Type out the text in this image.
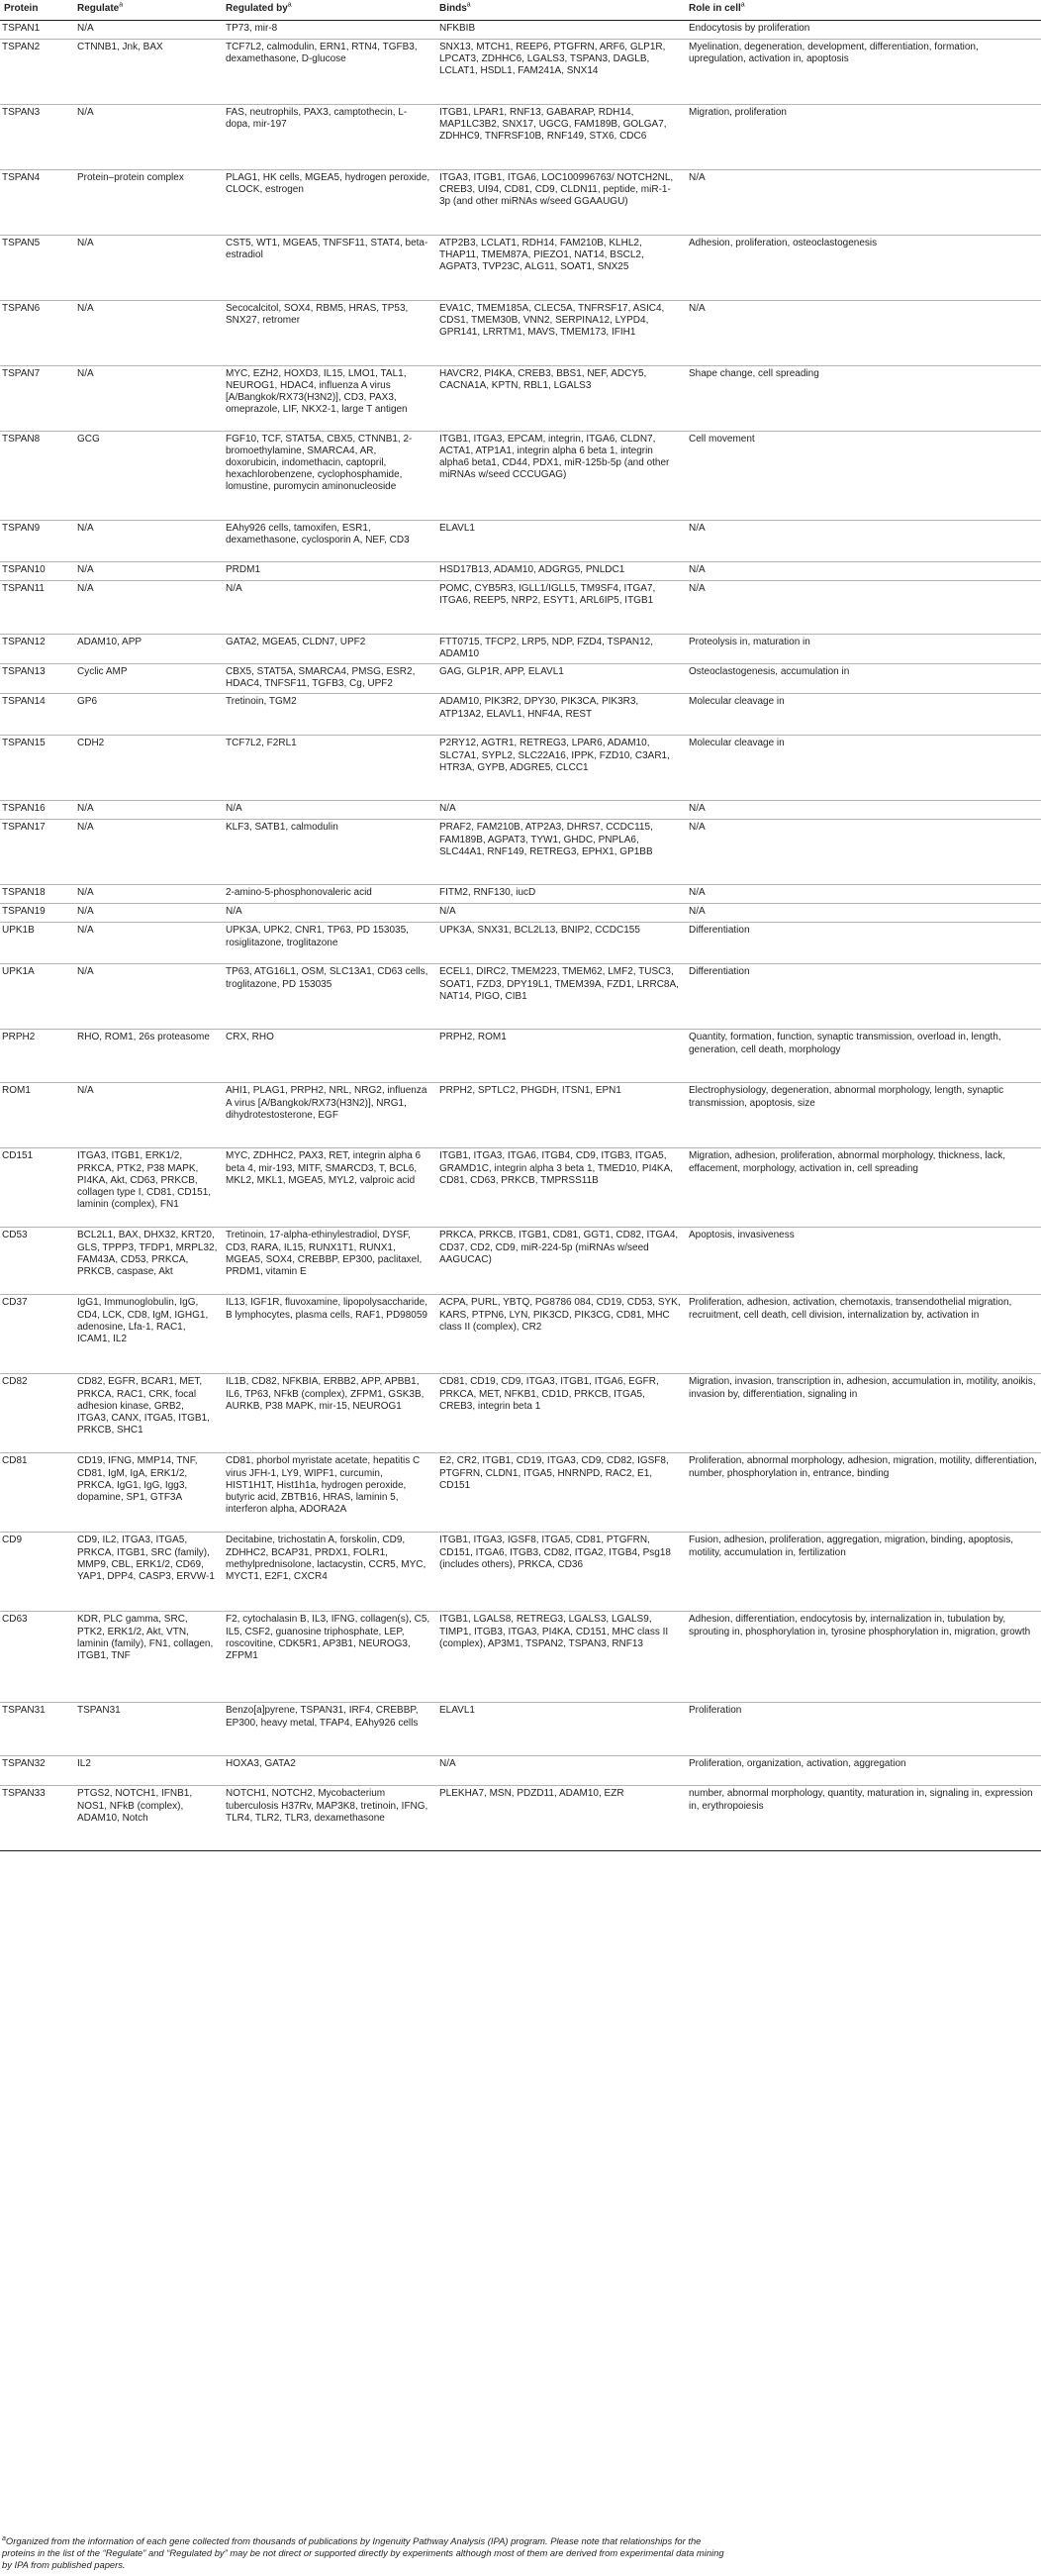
Protein	Regulate$^a$	Regulated $by^a$	Binds$^a$	Role in cell$^a$
TSPAN1	N/A	TP73, mir-8	NFKBIB	Endocytosis by proliferation
TSPAN2	CTNNB1, Jnk, BAX	TCF7L2, calmodulin, ERN1, RTN4, TGFB3, dexamethasone, D-glucose	SNX13, MTCH1, REEP6, PTGFRN, ARF6, GLP1R, LPCAT3, ZDHHC6, LGALS3, TSPAN3, DAGLB, LCLAT1, HSDL1, FAM241A, SNX14	Myelination, degeneration, development, differentiation, formation, upregulation, activation in, apoptosis
TSPAN3	N/A	FAS, neutrophils, PAX3, camptothecin, L-dopa, mir-197	ITGB1, LPAR1, RNF13, GABARAP, RDH14, MAP1LC3B2, SNX17, UGCG, FAM189B, GOLGA7, ZDHHC9, TNFRSF10B, RNF149, STX6, CDC6	Migration, proliferation
TSPAN4	Protein–protein complex	PLAG1, HK cells, MGEA5, hydrogen peroxide, CLOCK, estrogen	ITGA3, ITGB1, ITGA6, LOC100996763/ NOTCH2NL, CREB3, UI94, CD81, CD9, CLDN11, peptide, miR-1-3p (and other miRNAs w/seed GGAAUGU)	N/A
TSPAN5	N/A	CST5, WT1, MGEA5, TNFSF11, STAT4, beta-estradiol	ATP2B3, LCLAT1, RDH14, FAM210B, KLHL2, THAP11, TMEM87A, PIEZO1, NAT14, BSCL2, AGPAT3, TVP23C, ALG11, SOAT1, SNX25	Adhesion, proliferation, osteoclastogenesis
TSPAN6	N/A	Secocalcitol, SOX4, RBM5, HRAS, TP53, SNX27, retromer	EVA1C, TMEM185A, CLEC5A, TNFRSF17, ASIC4, CDS1, TMEM30B, VNN2, SERPINA12, LYPD4, GPR141, LRRTM1, MAVS, TMEM173, IFIH1	N/A
TSPAN7	N/A	MYC, EZH2, HOXD3, IL15, LMO1, TAL1, NEUROG1, HDAC4, influenza A virus [A/Bangkok/RX73(H3N2)], CD3, PAX3, omeprazole, LIF, NKX2-1, large T antigen	HAVCR2, PI4KA, CREB3, BBS1, NEF, ADCY5, CACNA1A, KPTN, RBL1, LGALS3	Shape change, cell spreading
TSPAN8	GCG	FGF10, TCF, STAT5A, CBX5, CTNNB1, 2-bromoethylamine, SMARCA4, AR, doxorubicin, indomethacin, captopril, hexachlorobenzene, cyclophosphamide, lomustine, puromycin aminonucleoside	ITGB1, ITGA3, EPCAM, integrin, ITGA6, CLDN7, ACTA1, ATP1A1, integrin alpha 6 beta 1, integrin alpha6 beta1, CD44, PDX1, miR-125b-5p (and other miRNAs w/seed CCCUGAG)	Cell movement
TSPAN9	N/A	EAhy926 cells, tamoxifen, ESR1, dexamethasone, cyclosporin A, NEF, CD3	ELAVL1	N/A
TSPAN10	N/A	PRDM1	HSD17B13, ADAM10, ADGRG5, PNLDC1	N/A
TSPAN11	N/A	N/A	POMC, CYB5R3, IGLL1/IGLL5, TM9SF4, ITGA7, ITGA6, REEP5, NRP2, ESYT1, ARL6IP5, ITGB1	N/A
TSPAN12	ADAM10, APP	GATA2, MGEA5, CLDN7, UPF2	FTT0715, TFCP2, LRP5, NDP, FZD4, TSPAN12, ADAM10	Proteolysis in, maturation in
TSPAN13	Cyclic AMP	CBX5, STAT5A, SMARCA4, PMSG, ESR2, HDAC4, TNFSF11, TGFB3, Cg, UPF2	GAG, GLP1R, APP, ELAVL1	Osteoclastogenesis, accumulation in
TSPAN14	GP6	Tretinoin, TGM2	ADAM10, PIK3R2, DPY30, PIK3CA, PIK3R3, ATP13A2, ELAVL1, HNF4A, REST	Molecular cleavage in
TSPAN15	CDH2	TCF7L2, F2RL1	P2RY12, AGTR1, RETREG3, LPAR6, ADAM10, SLC7A1, SYPL2, SLC22A16, IPPK, FZD10, C3AR1, HTR3A, GYPB, ADGRE5, CLCC1	Molecular cleavage in
TSPAN16	N/A	N/A	N/A	N/A
TSPAN17	N/A	KLF3, SATB1, calmodulin	PRAF2, FAM210B, ATP2A3, DHRS7, CCDC115, FAM189B, AGPAT3, TYW1, GHDC, PNPLA6, SLC44A1, RNF149, RETREG3, EPHX1, GP1BB	N/A
TSPAN18	N/A	2-amino-5-phosphonovaleric acid	FITM2, RNF130, iucD	N/A
TSPAN19	N/A	N/A	N/A	N/A
UPK1B	N/A	UPK3A, UPK2, CNR1, TP63, PD 153035, rosiglitazone, troglitazone	UPK3A, SNX31, BCL2L13, BNIP2, CCDC155	Differentiation
UPK1A	N/A	TP63, ATG16L1, OSM, SLC13A1, CD63 cells, troglitazone, PD 153035	ECEL1, DIRC2, TMEM223, TMEM62, LMF2, TUSC3, SOAT1, FZD3, DPY19L1, TMEM39A, FZD1, LRRC8A, NAT14, PIGO, CIB1	Differentiation
PRPH2	RHO, ROM1, 26s proteasome	CRX, RHO	PRPH2, ROM1	Quantity, formation, function, synaptic transmission, overload in, length, generation, cell death, morphology
ROM1	N/A	AHI1, PLAG1, PRPH2, NRL, NRG2, influenza A virus [A/Bangkok/RX73(H3N2)], NRG1, dihydrotestosterone, EGF	PRPH2, SPTLC2, PHGDH, ITSN1, EPN1	Electrophysiology, degeneration, abnormal morphology, length, synaptic transmission, apoptosis, size
CD151	ITGA3, ITGB1, ERK1/2, PRKCA, PTK2, P38 MAPK, PI4KA, Akt, CD63, PRKCB, collagen type I, CD81, CD151, laminin (complex), FN1	MYC, ZDHHC2, PAX3, RET, integrin alpha 6 beta 4, mir-193, MITF, SMARCD3, T, BCL6, MKL2, MKL1, MGEA5, MYL2, valproic acid	ITGB1, ITGA3, ITGA6, ITGB4, CD9, ITGB3, ITGA5, GRAMD1C, integrin alpha 3 beta 1, TMED10, PI4KA, CD81, CD63, PRKCB, TMPRSS11B	Migration, adhesion, proliferation, abnormal morphology, thickness, lack, effacement, morphology, activation in, cell spreading
CD53	BCL2L1, BAX, DHX32, KRT20, GLS, TPPP3, TFDP1, MRPL32, FAM43A, CD53, PRKCA, PRKCB, caspase, Akt	Tretinoin, 17-alpha-ethinylestradiol, DYSF, CD3, RARA, IL15, RUNX1T1, RUNX1, MGEA5, SOX4, CREBBP, EP300, paclitaxel, PRDM1, vitamin E	PRKCA, PRKCB, ITGB1, CD81, GGT1, CD82, ITGA4, CD37, CD2, CD9, miR-224-5p (miRNAs w/seed AAGUCAC)	Apoptosis, invasiveness
CD37	IgG1, Immunoglobulin, IgG, CD4, LCK, CD8, IgM, IGHG1, adenosine, Lfa-1, RAC1, ICAM1, IL2	IL13, IGF1R, fluvoxamine, lipopolysaccharide, B lymphocytes, plasma cells, RAF1, PD98059	ACPA, PURL, YBTQ, PG8786 084, CD19, CD53, SYK, KARS, PTPN6, LYN, PIK3CD, PIK3CG, CD81, MHC class II (complex), CR2	Proliferation, adhesion, activation, chemotaxis, transendothelial migration, recruitment, cell death, cell division, internalization by, activation in
CD82	CD82, EGFR, BCAR1, MET, PRKCA, RAC1, CRK, focal adhesion kinase, GRB2, ITGA3, CANX, ITGA5, ITGB1, PRKCB, SHC1	IL1B, CD82, NFKBIA, ERBB2, APP, APBB1, IL6, TP63, NFkB (complex), ZFPM1, GSK3B, AURKB, P38 MAPK, mir-15, NEUROG1	CD81, CD19, CD9, ITGA3, ITGB1, ITGA6, EGFR, PRKCA, MET, NFKB1, CD1D, PRKCB, ITGA5, CREB3, integrin beta 1	Migration, invasion, transcription in, adhesion, accumulation in, motility, anoikis, invasion by, differentiation, signaling in
CD81	CD19, IFNG, MMP14, TNF, CD81, IgM, IgA, ERK1/2, PRKCA, IgG1, IgG, Igg3, dopamine, SP1, GTF3A	CD81, phorbol myristate acetate, hepatitis C virus JFH-1, LY9, WIPF1, curcumin, HIST1H1T, Hist1h1a, hydrogen peroxide, butyric acid, ZBTB16, HRAS, laminin 5, interferon alpha, ADORA2A	E2, CR2, ITGB1, CD19, ITGA3, CD9, CD82, IGSF8, PTGFRN, CLDN1, ITGA5, HNRNPD, RAC2, E1, CD151	Proliferation, abnormal morphology, adhesion, migration, motility, differentiation, number, phosphorylation in, entrance, binding
CD9	CD9, IL2, ITGA3, ITGA5, PRKCA, ITGB1, SRC (family), MMP9, CBL, ERK1/2, CD69, YAP1, DPP4, CASP3, ERVW-1	Decitabine, trichostatin A, forskolin, CD9, ZDHHC2, BCAP31, PRDX1, FOLR1, methylprednisolone, lactacystin, CCR5, MYC, MYCT1, E2F1, CXCR4	ITGB1, ITGA3, IGSF8, ITGA5, CD81, PTGFRN, CD151, ITGA6, ITGB3, CD82, ITGA2, ITGB4, Psg18 (includes others), PRKCA, CD36	Fusion, adhesion, proliferation, aggregation, migration, binding, apoptosis, motility, accumulation in, fertilization
CD63	KDR, PLC gamma, SRC, PTK2, ERK1/2, Akt, VTN, laminin (family), FN1, collagen, ITGB1, TNF	F2, cytochalasin B, IL3, IFNG, collagen(s), C5, IL5, CSF2, guanosine triphosphate, LEP, roscovitine, CDK5R1, AP3B1, NEUROG3, ZFPM1	ITGB1, LGALS8, RETREG3, LGALS3, LGALS9, TIMP1, ITGB3, ITGA3, PI4KA, CD151, MHC class II (complex), AP3M1, TSPAN2, TSPAN3, RNF13	Adhesion, differentiation, endocytosis by, internalization in, tubulation by, sprouting in, phosphorylation in, tyrosine phosphorylation in, migration, growth
TSPAN31	TSPAN31	Benzo[a]pyrene, TSPAN31, IRF4, CREBBP, EP300, heavy metal, TFAP4, EAhy926 cells	ELAVL1	Proliferation
TSPAN32	IL2	HOXA3, GATA2	N/A	Proliferation, organization, activation, aggregation
TSPAN33	PTGS2, NOTCH1, IFNB1, NOS1, NFkB (complex), ADAM10, Notch	NOTCH1, NOTCH2, Mycobacterium tuberculosis H37Rv, MAP3K8, tretinoin, IFNG, TLR4, TLR2, TLR3, dexamethasone	PLEKHA7, MSN, PDZD11, ADAM10, EZR	number, abnormal morphology, quantity, maturation in, signaling in, expression in, erythropoiesis
$^a$Organized from the information of each gene collected from thousands of publications by Ingenuity Pathway Analysis (IPA) program. Please note that relationships for the proteins in the list of the “Regulate” and “Regulated by” may be not direct or supported directly by experiments although most of them are derived from experimental data mining by IPA from published papers.
